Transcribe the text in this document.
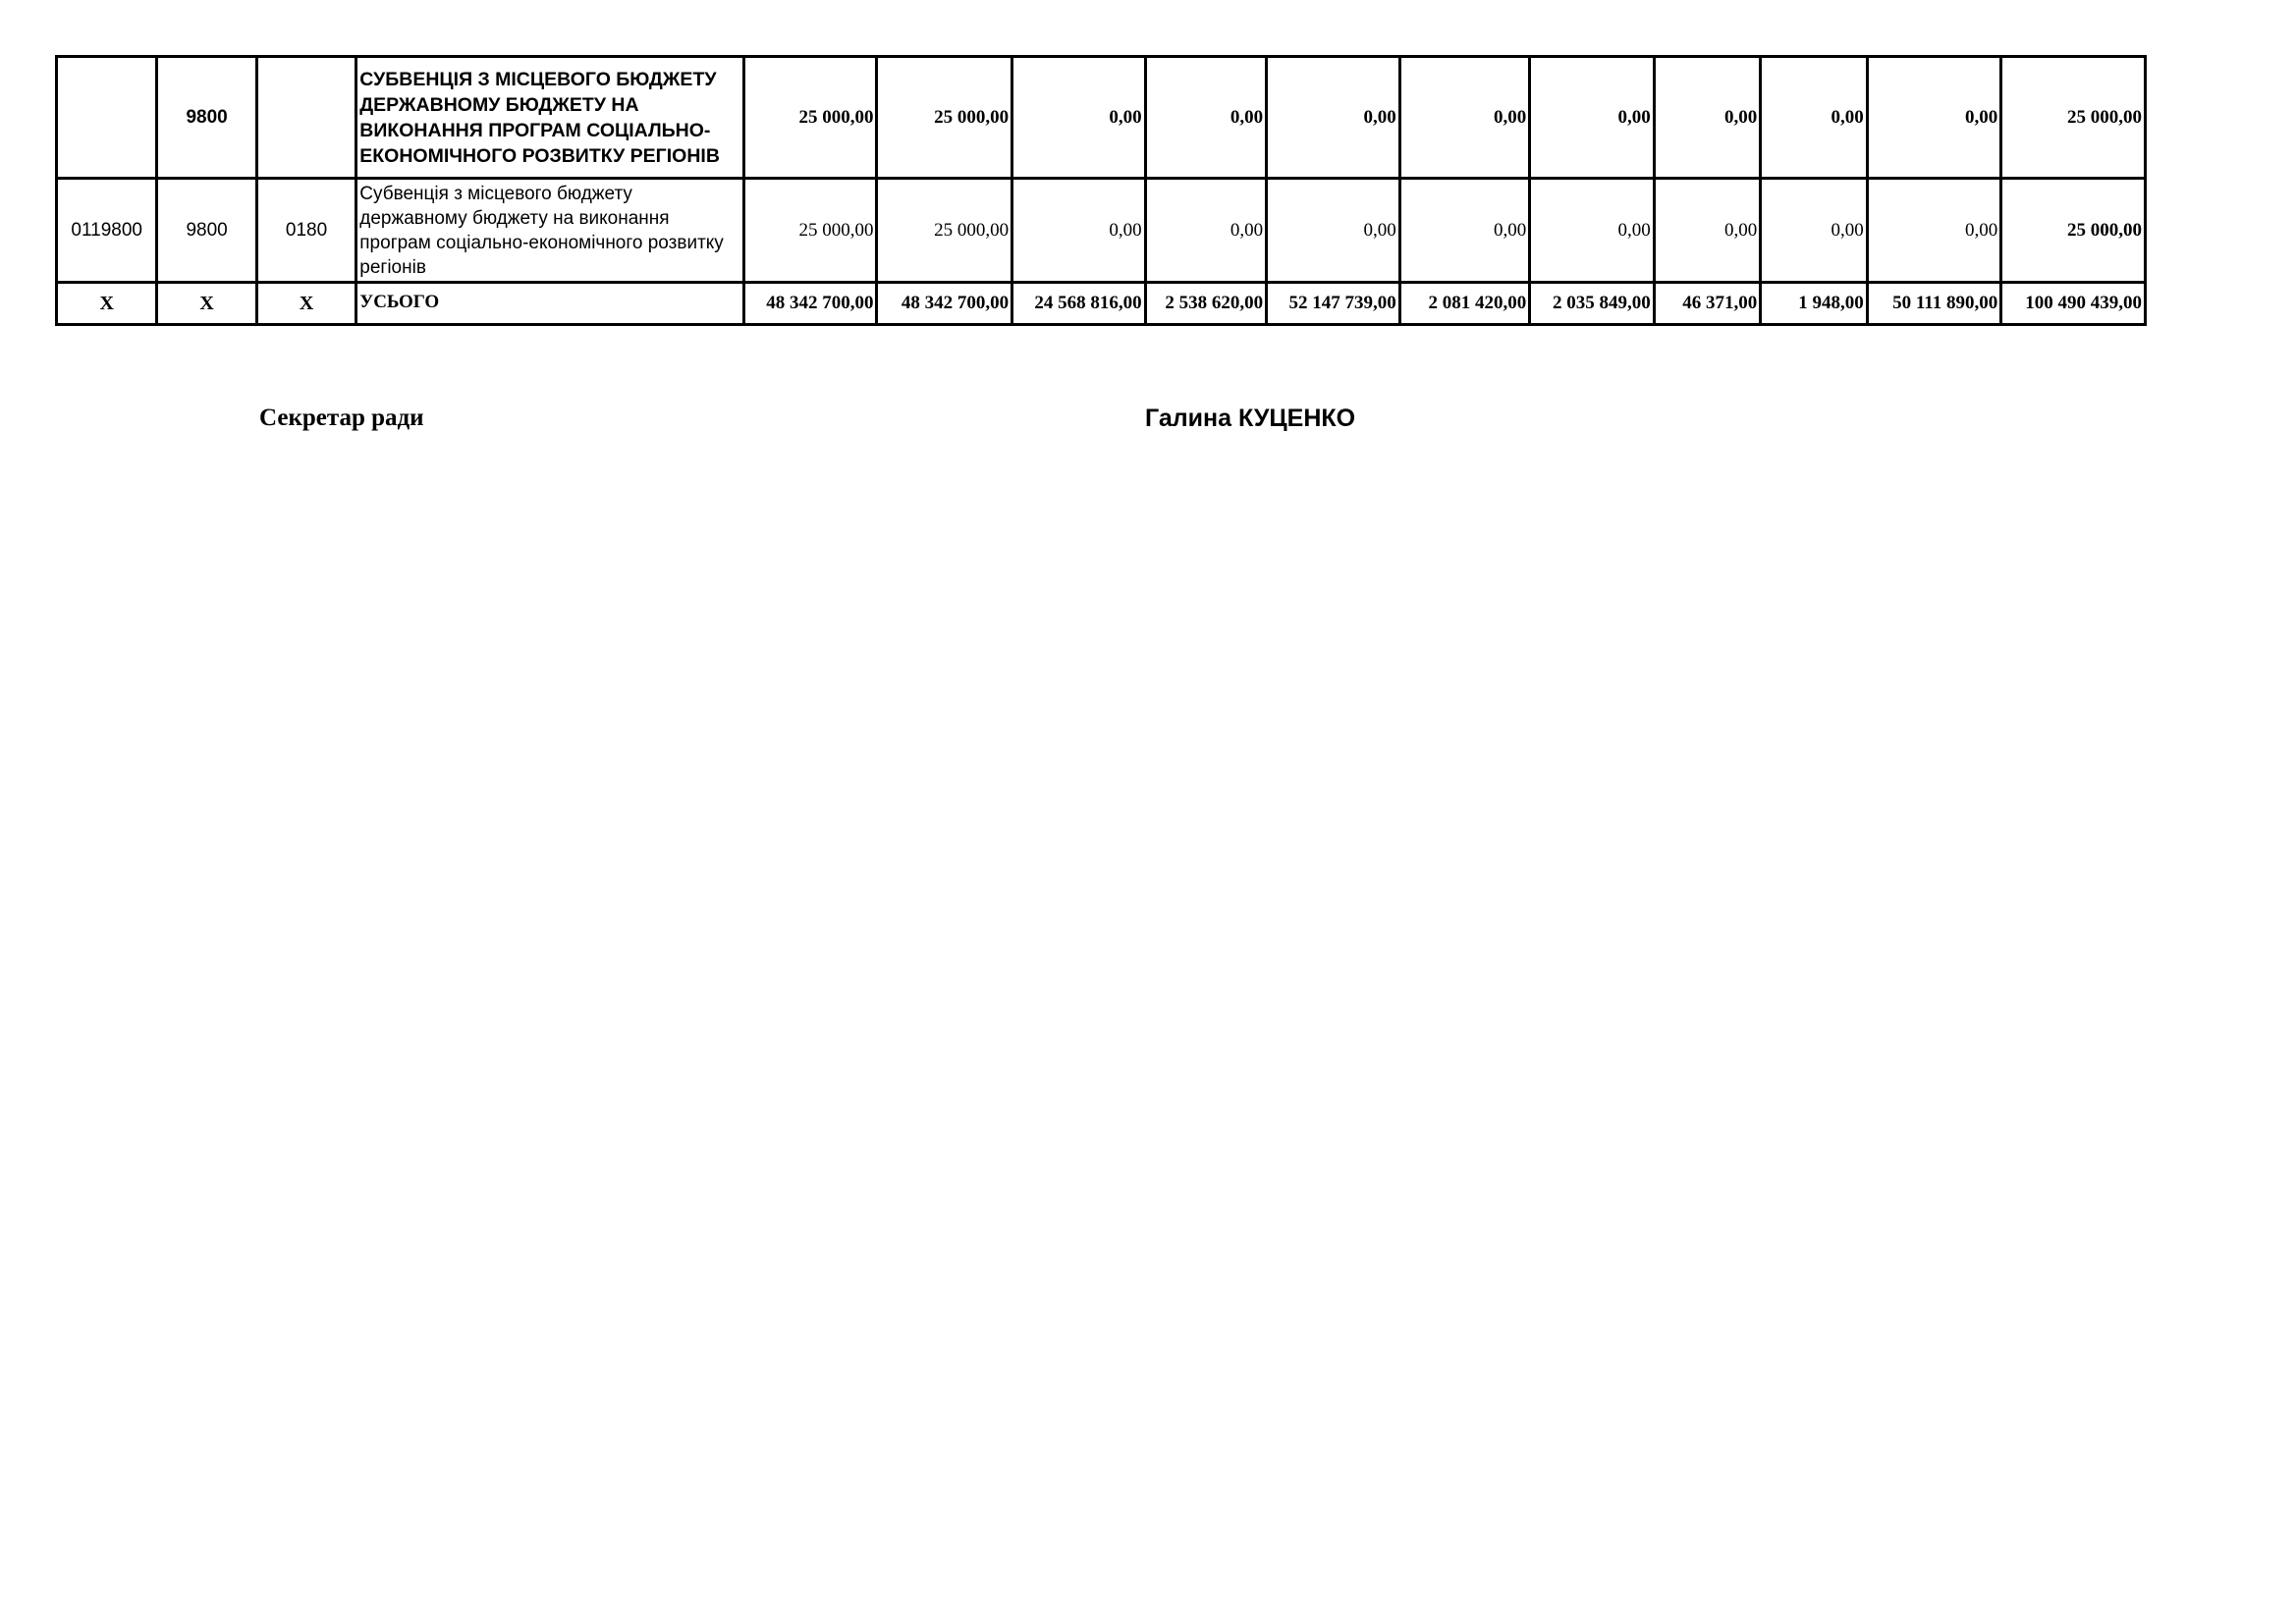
	9800		СУБВЕНЦІЯ З МІСЦЕВОГО БЮДЖЕТУ ДЕРЖАВНОМУ БЮДЖЕТУ НА ВИКОНАННЯ ПРОГРАМ СОЦІАЛЬНО-ЕКОНОМІЧНОГО РОЗВИТКУ РЕГІОНІВ	25 000,00	25 000,00	0,00	0,00	0,00	0,00	0,00	0,00	0,00	0,00	25 000,00
0119800	9800	0180	Субвенція з місцевого бюджету державному бюджету на виконання програм соціально-економічного розвитку регіонів	25 000,00	25 000,00	0,00	0,00	0,00	0,00	0,00	0,00	0,00	0,00	25 000,00
X	X	X	УСЬОГО	48 342 700,00	48 342 700,00	24 568 816,00	2 538 620,00	52 147 739,00	2 081 420,00	2 035 849,00	46 371,00	1 948,00	50 111 890,00	100 490 439,00
Секретар ради	Галина КУЦЕНКО
